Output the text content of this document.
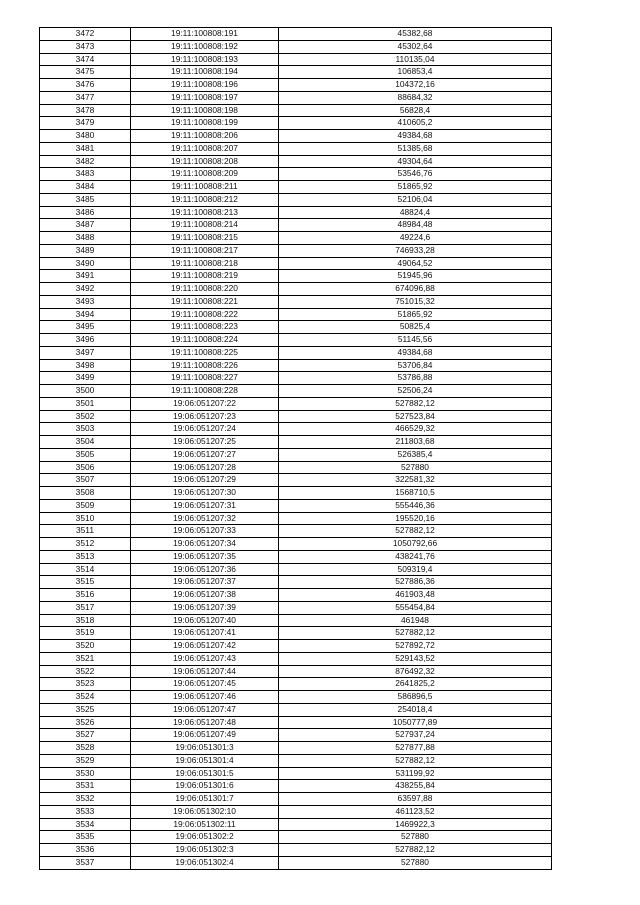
3472	19:11:100808:191	45382,68
3473	19:11:100808:192	45302,64
3474	19:11:100808:193	110135,04
3475	19:11:100808:194	106853,4
3476	19:11:100808:196	104372,16
3477	19:11:100808:197	88684,32
3478	19:11:100808:198	56828,4
3479	19:11:100808:199	410605,2
3480	19:11:100808:206	49384,68
3481	19:11:100808:207	51385,68
3482	19:11:100808:208	49304,64
3483	19:11:100808:209	53546,76
3484	19:11:100808:211	51865,92
3485	19:11:100808:212	52106,04
3486	19:11:100808:213	48824,4
3487	19:11:100808:214	48984,48
3488	19:11:100808:215	49224,6
3489	19:11:100808:217	746933,28
3490	19:11:100808:218	49064,52
3491	19:11:100808:219	51945,96
3492	19:11:100808:220	674096,88
3493	19:11:100808:221	751015,32
3494	19:11:100808:222	51865,92
3495	19:11:100808:223	50825,4
3496	19:11:100808:224	51145,56
3497	19:11:100808:225	49384,68
3498	19:11:100808:226	53706,84
3499	19:11:100808:227	53786,88
3500	19:11:100808:228	52506,24
3501	19:06:051207:22	527882,12
3502	19:06:051207:23	527523,84
3503	19:06:051207:24	466529,32
3504	19:06:051207:25	211803,68
3505	19:06:051207:27	526385,4
3506	19:06:051207:28	527880
3507	19:06:051207:29	322581,32
3508	19:06:051207:30	1568710,5
3509	19:06:051207:31	555446,36
3510	19:06:051207:32	195520,16
3511	19:06:051207:33	527882,12
3512	19:06:051207:34	1050792,66
3513	19:06:051207:35	438241,76
3514	19:06:051207:36	509319,4
3515	19:06:051207:37	527886,36
3516	19:06:051207:38	461903,48
3517	19:06:051207:39	555454,84
3518	19:06:051207:40	461948
3519	19:06:051207:41	527882,12
3520	19:06:051207:42	527892,72
3521	19:06:051207:43	529143,52
3522	19:06:051207:44	876492,32
3523	19:06:051207:45	2641825,2
3524	19:06:051207:46	586896,5
3525	19:06:051207:47	254018,4
3526	19:06:051207:48	1050777,89
3527	19:06:051207:49	527937,24
3528	19:06:051301:3	527877,88
3529	19:06:051301:4	527882,12
3530	19:06:051301:5	531199,92
3531	19:06:051301:6	438255,84
3532	19:06:051301:7	63597,88
3533	19:06:051302:10	461123,52
3534	19:06:051302:11	1469922,3
3535	19:06:051302:2	527880
3536	19:06:051302:3	527882,12
3537	19:06:051302:4	527880
